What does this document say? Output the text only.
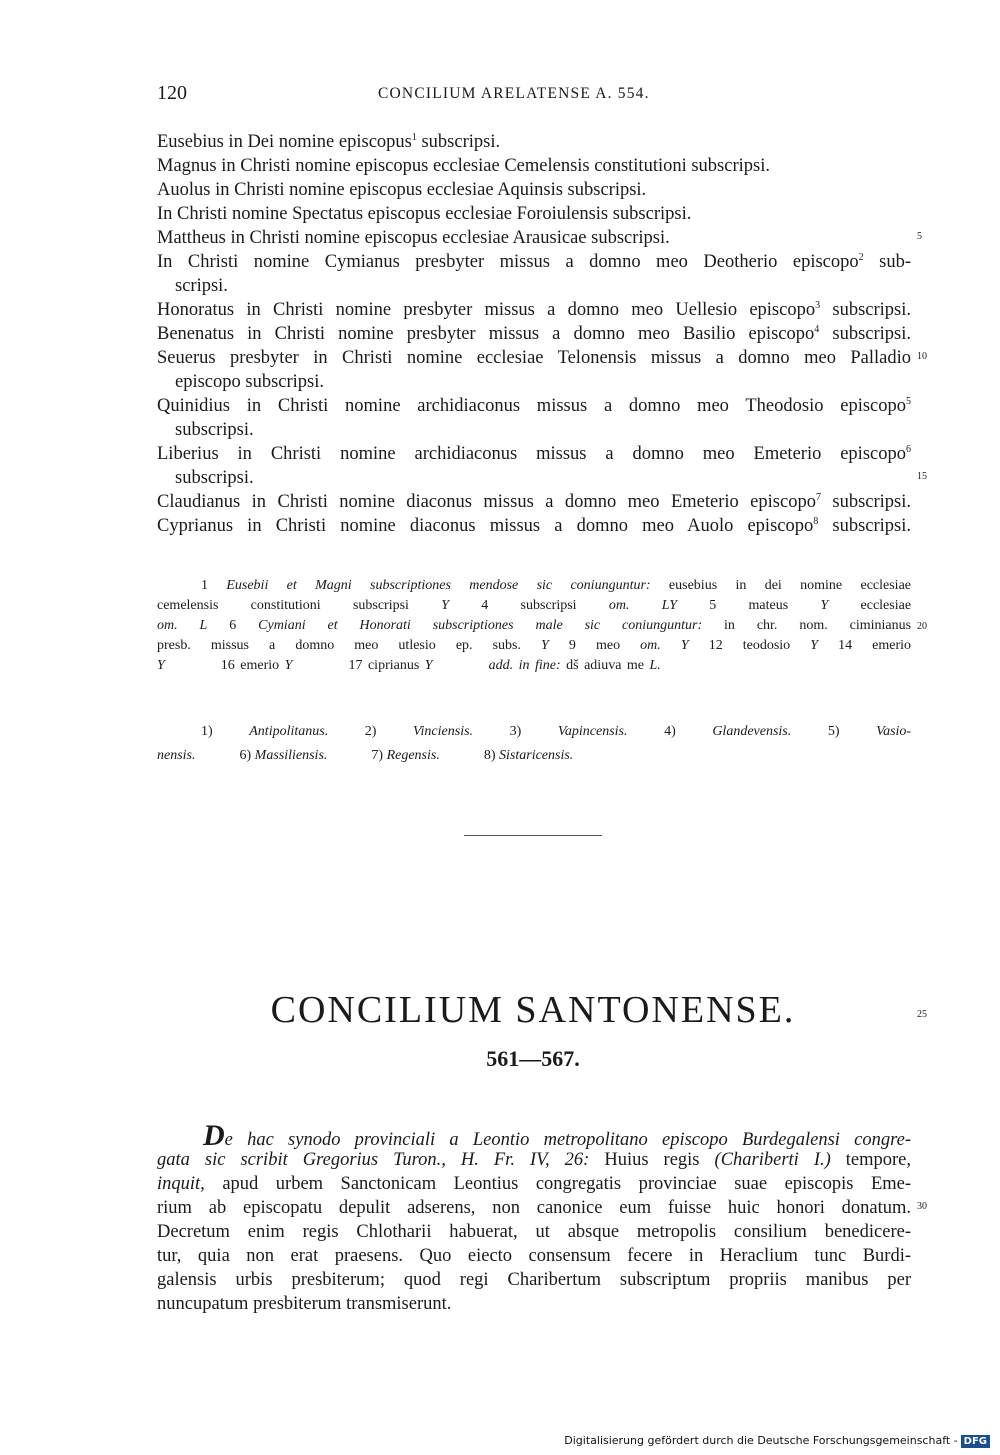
120	CONCILIUM ARELATENSE A. 554.
Eusebius in Dei nomine episcopus$^1$ subscripsi.
Magnus in Christi nomine episcopus ecclesiae Cemelensis constitutioni subscripsi.
Auolus in Christi nomine episcopus ecclesiae Aquinsis subscripsi.
In Christi nomine Spectatus episcopus ecclesiae Foroiulensis subscripsi.
Mattheus in Christi nomine episcopus ecclesiae Arausicae subscripsi.	5
In Christi nomine Cymianus presbyter missus a domno meo Deotherio episcopo$^2$ sub-
scripsi.
Honoratus in Christi nomine presbyter missus a domno meo Uellesio episcopo$^3$ subscripsi.
Benenatus in Christi nomine presbyter missus a domno meo Basilio episcopo$^4$ subscripsi.
Seuerus presbyter in Christi nomine ecclesiae Telonensis missus a domno meo Palladio 10
episcopo subscripsi.
Quinidius in Christi nomine archidiaconus missus a domno meo Theodosio episcopo$^5$
subscripsi.
Liberius in Christi nomine archidiaconus missus a domno meo Emeterio episcopo$^6$
subscripsi.	15
Claudianus in Christi nomine diaconus missus a domno meo Emeterio episcopo$^7$ subscripsi.
Cyprianus in Christi nomine diaconus missus a domno meo Auolo episcopo$^8$ subscripsi.
1 Eusebii et Magni subscriptiones mendose sic coniunguntur: eusebius in dei nomine ecclesiae
cemelensis constitutioni subscripsi Y 4 subscripsi om. LY 5 mateus Y ecclesiae
om. L 6 Cymiani et Honorati subscriptiones male sic coniunguntur: in chr. nom. ciminianus 20
presb. missus a domno meo utlesio ep. subs. Y 9 meo om. Y 12 teodosio Y 14 emerio
Y	16 emerio Y	17 ciprianus Y	add. in fine: dš adiuva me L.
1)	Antipolitanus.	2)	Vinciensis.	3)	Vapincensis.	4)	Glandevensis.	5)	Vasio-
nensis.	6) Massiliensis.	7) Regensis.	8) Sistaricensis.
CONCILIUM SANTONENSE.	25
561—567.
De hac synodo provinciali a Leontio metropolitano episcopo Burdegalensi congre-
gata sic scribit Gregorius Turon., H. Fr. IV, 26: Huius regis (Chariberti I.) tempore,
inquit, apud urbem Sanctonicam Leontius congregatis provinciae suae episcopis Eme-
rium ab episcopatu depulit adserens, non canonice eum fuisse huic honori donatum. 30
Decretum enim regis Chlotharii habuerat, ut absque metropolis consilium benedicere-
tur, quia non erat praesens. Quo eiecto consensum fecere in Heraclium tunc Burdi-
galensis urbis presbiterum; quod regi Charibertum subscriptum propriis manibus per
nuncupatum presbiterum transmiserunt.
Digitalisierung gefördert durch die Deutsche Forschungsgemeinschaft - DFG
